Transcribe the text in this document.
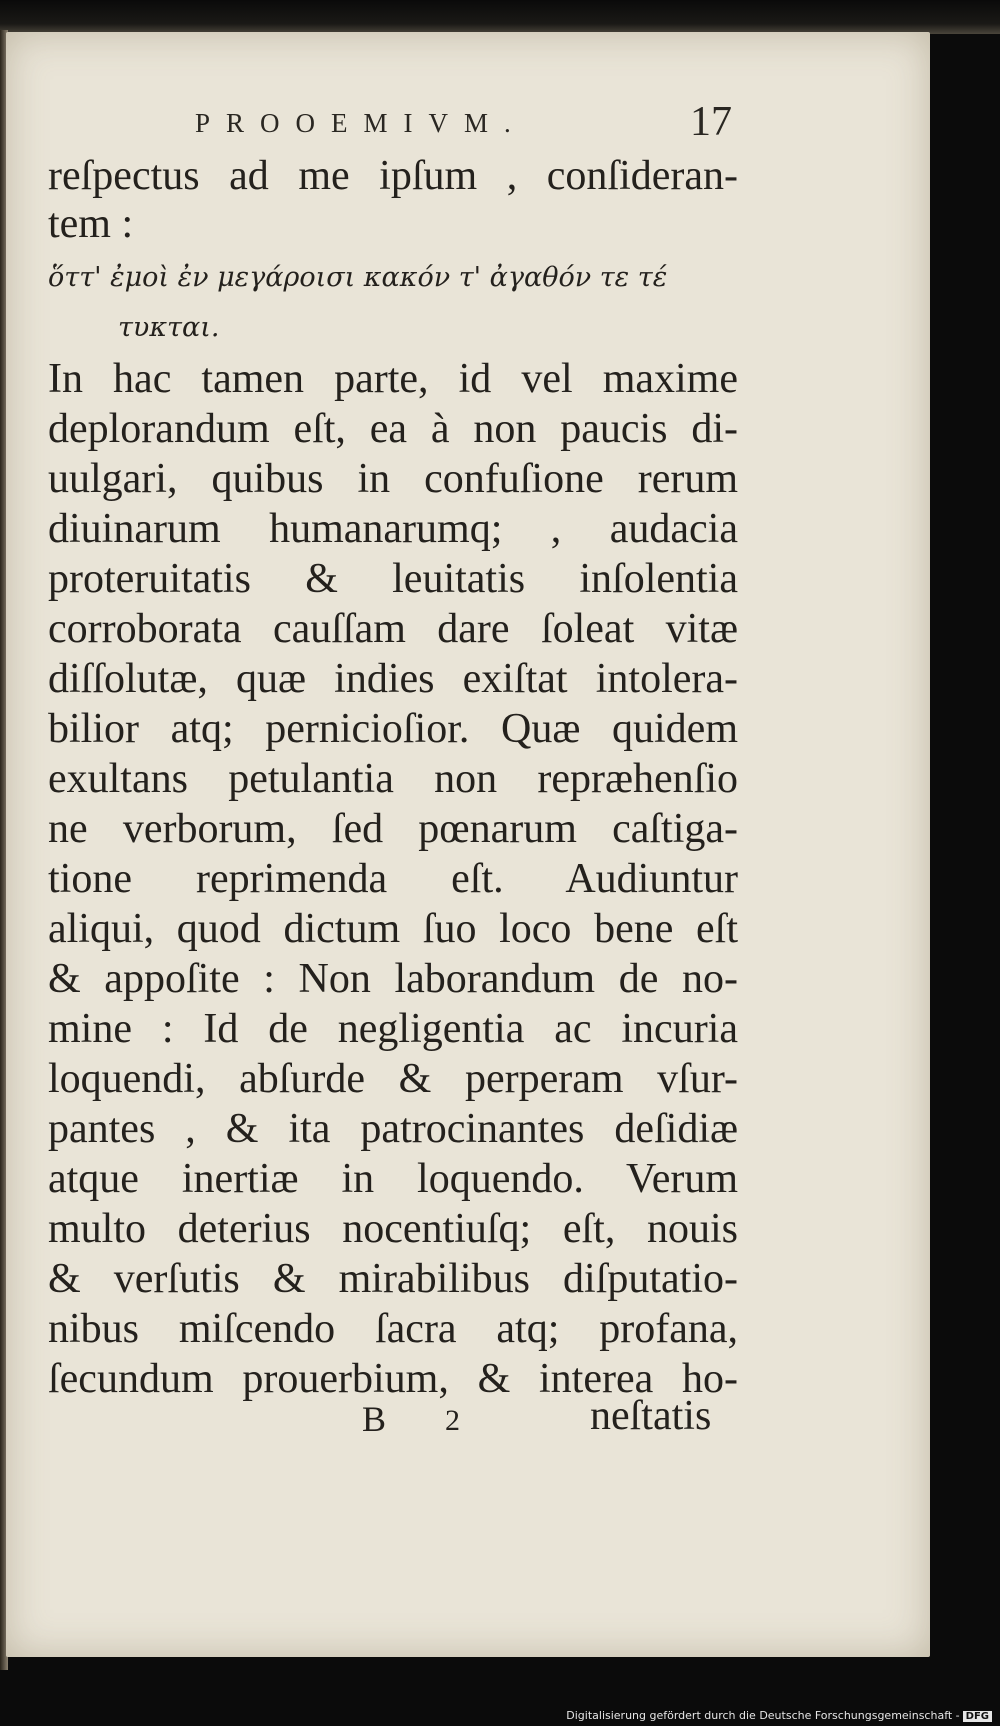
PROOEMIVM.	17
reſpectus ad me ipſum , conſideran-
tem :
ὅττ' ἐμοὶ ἐν μεγάροισι κακόν τ' ἀγαθόν τε τέ
τυκται.
In hac tamen parte, id vel maxime
deplorandum eſt, ea à non paucis di-
uulgari, quibus in confuſione rerum
diuinarum humanarumq; , audacia
proteruitatis & leuitatis inſolentia
corroborata cauſſam dare ſoleat vitæ
diſſolutæ, quæ indies exiſtat intolera-
bilior atq; pernicioſior. Quæ quidem
exultans petulantia non repræhenſio
ne verborum, ſed pœnarum caſtiga-
tione reprimenda eſt. Audiuntur
aliqui, quod dictum ſuo loco bene eſt
& appoſite : Non laborandum de no-
mine : Id de negligentia ac incuria
loquendi, abſurde & perperam vſur-
pantes , & ita patrocinantes deſidiæ
atque inertiæ in loquendo. Verum
multo deterius nocentiuſq; eſt, nouis
& verſutis & mirabilibus diſputatio-
nibus miſcendo ſacra atq; profana,
ſecundum prouerbium, & interea ho-
B 2	neſtatis
Digitalisierung gefördert durch die Deutsche Forschungsgemeinschaft - DFG
